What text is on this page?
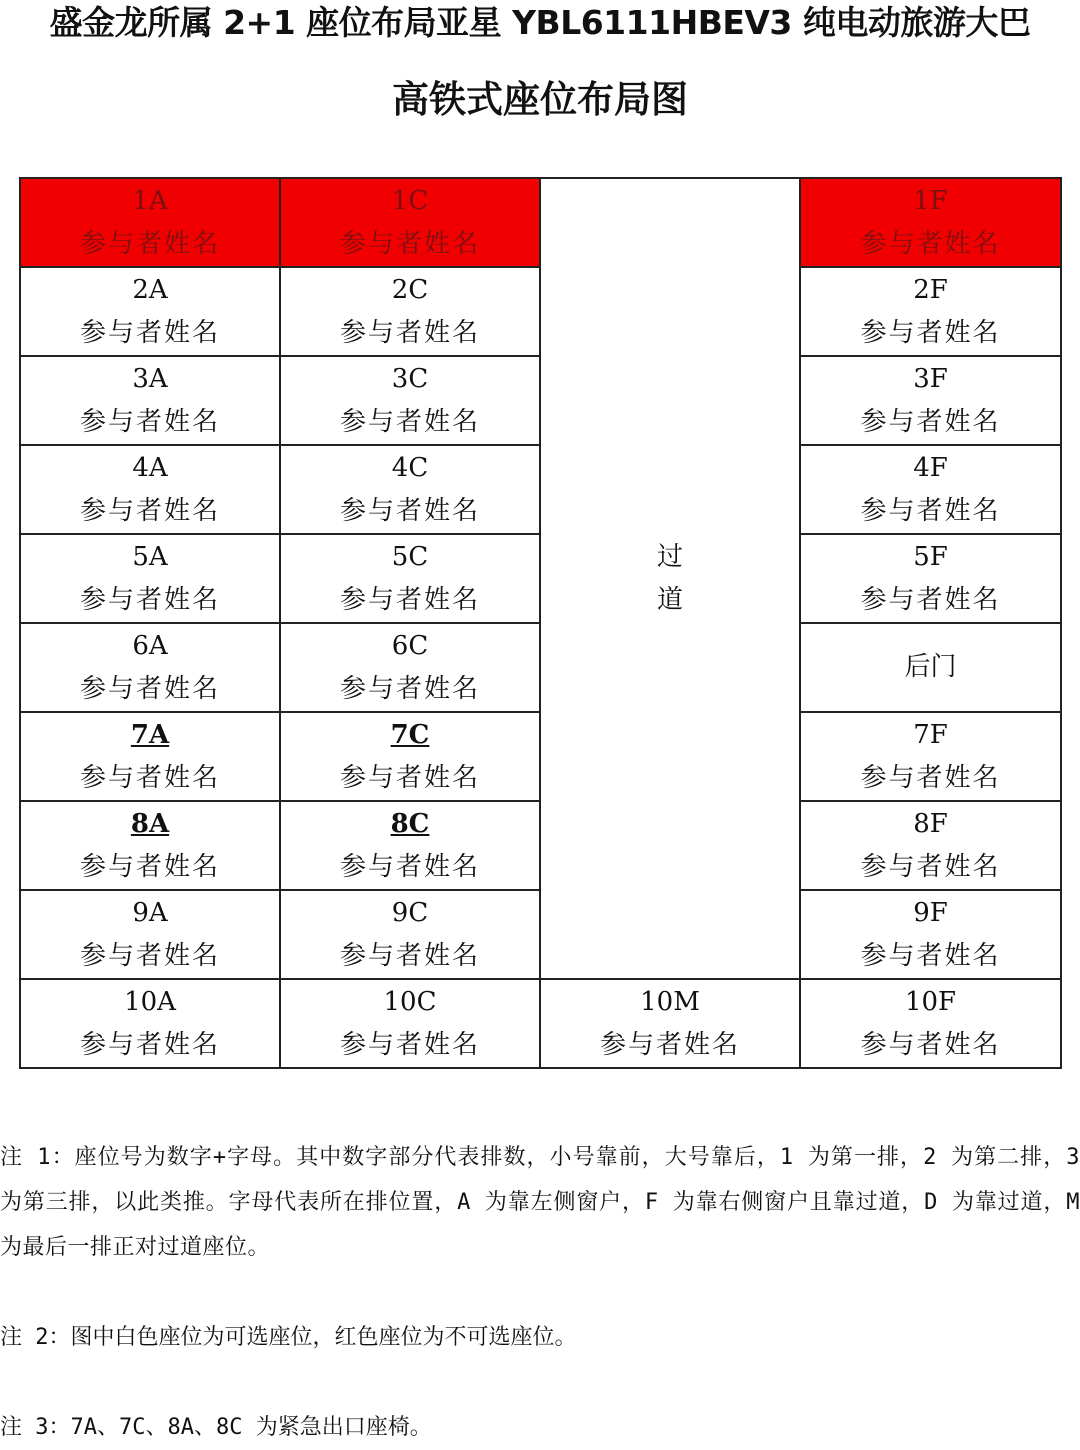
盛金龙所属 2+1 座位布局亚星 YBL6111HBEV3 纯电动旅游大巴
高铁式座位布局图
1A
参与者姓名	1C
参与者姓名	过
道	1F
参与者姓名

2A
参与者姓名	2C
参与者姓名		2F
参与者姓名

3A
参与者姓名	3C
参与者姓名		3F
参与者姓名

4A
参与者姓名	4C
参与者姓名		4F
参与者姓名

5A
参与者姓名	5C
参与者姓名		5F
参与者姓名

6A
参与者姓名	6C
参与者姓名		后门

7A
参与者姓名	7C
参与者姓名		7F
参与者姓名

8A
参与者姓名	8C
参与者姓名		8F
参与者姓名

9A
参与者姓名	9C
参与者姓名		9F
参与者姓名

10A
参与者姓名	10C
参与者姓名	10M
参与者姓名	10F
参与者姓名

注 1：座位号为数字+字母。其中数字部分代表排数，小号靠前，大号靠后，1 为第一排，2 为第二排，3 为第三排，以此类推。字母代表所在排位置，A 为靠左侧窗户，F 为靠右侧窗户且靠过道，D 为靠过道，M 为最后一排正对过道座位。

注 2：图中白色座位为可选座位，红色座位为不可选座位。

注 3：7A、7C、8A、8C 为紧急出口座椅。
